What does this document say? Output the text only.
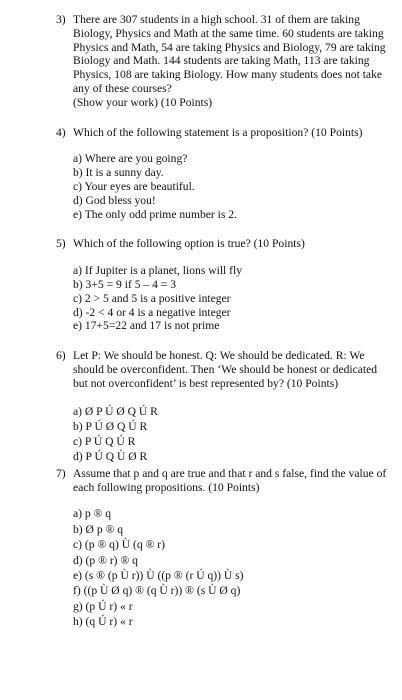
3) There are 307 students in a high school. 31 of them are taking Biology, Physics and Math at the same time. 60 students are taking Physics and Math, 54 are taking Physics and Biology, 79 are taking Biology and Math. 144 students are taking Math, 113 are taking Physics, 108 are taking Biology. How many students does not take any of these courses?
(Show your work) (10 Points)
4) Which of the following statement is a proposition? (10 Points)
a) Where are you going?
b) It is a sunny day.
c) Your eyes are beautiful.
d) God bless you!
e) The only odd prime number is 2.
5) Which of the following option is true? (10 Points)
a) If Jupiter is a planet, lions will fly
b) 3+5 = 9 if 5 – 4 = 3
c) 2 > 5 and 5 is a positive integer
d) -2 < 4 or 4 is a negative integer
e) 17+5=22 and 17 is not prime
6) Let P: We should be honest. Q: We should be dedicated. R: We should be overconfident. Then ‘We should be honest or dedicated but not overconfident’ is best represented by? (10 Points)
a) Ø P Ú Ø Q Ú R
b) P Ú Ø Q Ú R
c) P Ú Q Ú R
d) P Ú Q Ù Ø R
7) Assume that p and q are true and that r and s false, find the value of each following propositions. (10 Points)
a) p ® q
b) Ø p ® q
c) (p ® q) Ù (q ® r)
d) (p ® r) ® q
e) (s ® (p Ù r)) Ù ((p ® (r Ú q)) Ù s)
f) ((p Ù Ø q) ® (q Ù r)) ® (s Ù Ø q)
g) (p Ú r) « r
h) (q Ú r) « r
